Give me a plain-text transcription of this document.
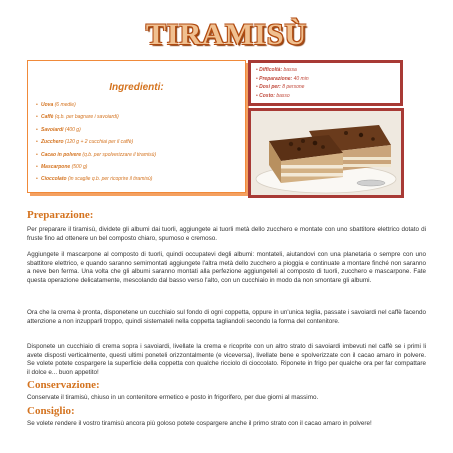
TIRAMISÙ
Ingredienti:
• Uova (6 medie)
• Caffè (q.b. per bagnare i savoiardi)
• Savoiardi (400 g)
• Zucchero (120 g + 2 cucchiai per il caffè)
• Cacao in polvere (q.b. per spolverizzare il tiramisù)
• Mascarpone (500 g)
• Cioccolato (in scaglie q.b. per ricoprire il tiramisù)
• Difficoltà: bassa
• Preparazione: 40 min
• Dosi per: 8 persone
• Costo: basso
Preparazione:

Per preparare il tiramisù, dividete gli albumi dai tuorli, aggiungete ai tuorli metà dello zucchero e montate con uno sbattitore elettrico dotato di fruste fino ad ottenere un bel composto chiaro, spumoso e cremoso.

Aggiungete il mascarpone al composto di tuorli, quindi occupatevi degli albumi: montateli, aiutandovi con una planetaria o sempre con uno sbattitore elettrico, e quando saranno semimontati aggiungete l'altra metà dello zucchero a pioggia e continuate a montare finché non saranno a neve ben ferma. Una volta che gli albumi saranno montati alla perfezione aggiungeteli al composto di tuorli, zucchero e mascarpone. Fate questa operazione delicatamente, mescolando dal basso verso l'alto, con un cucchiaio in modo da non smontare gli albumi.

Ora che la crema è pronta, disponetene un cucchiaio sul fondo di ogni coppetta, oppure in un'unica teglia, passate i savoiardi nel caffè facendo attenzione a non inzupparli troppo, quindi sistemateli nella coppetta tagliandoli secondo la forma del contenitore.

Disponete un cucchiaio di crema sopra i savoiardi, livellate la crema e ricoprite con un altro strato di savoiardi imbevuti nel caffè se i primi li avete disposti verticalmente, questi ultimi poneteli orizzontalmente (e viceversa), livellate bene e spolverizzate con il cacao amaro in polvere. Se volete potete cospargere la superficie della coppetta con qualche ricciolo di cioccolato. Riponete in frigo per qualche ora per far compattare il dolce e... buon appetito!

Conservazione:

Conservate il tiramisù, chiuso in un contenitore ermetico e posto in frigorifero, per due giorni al massimo.

Consiglio:

Se volete rendere il vostro tiramisù ancora più goloso potete cospargere anche il primo strato con il cacao amaro in polvere!
